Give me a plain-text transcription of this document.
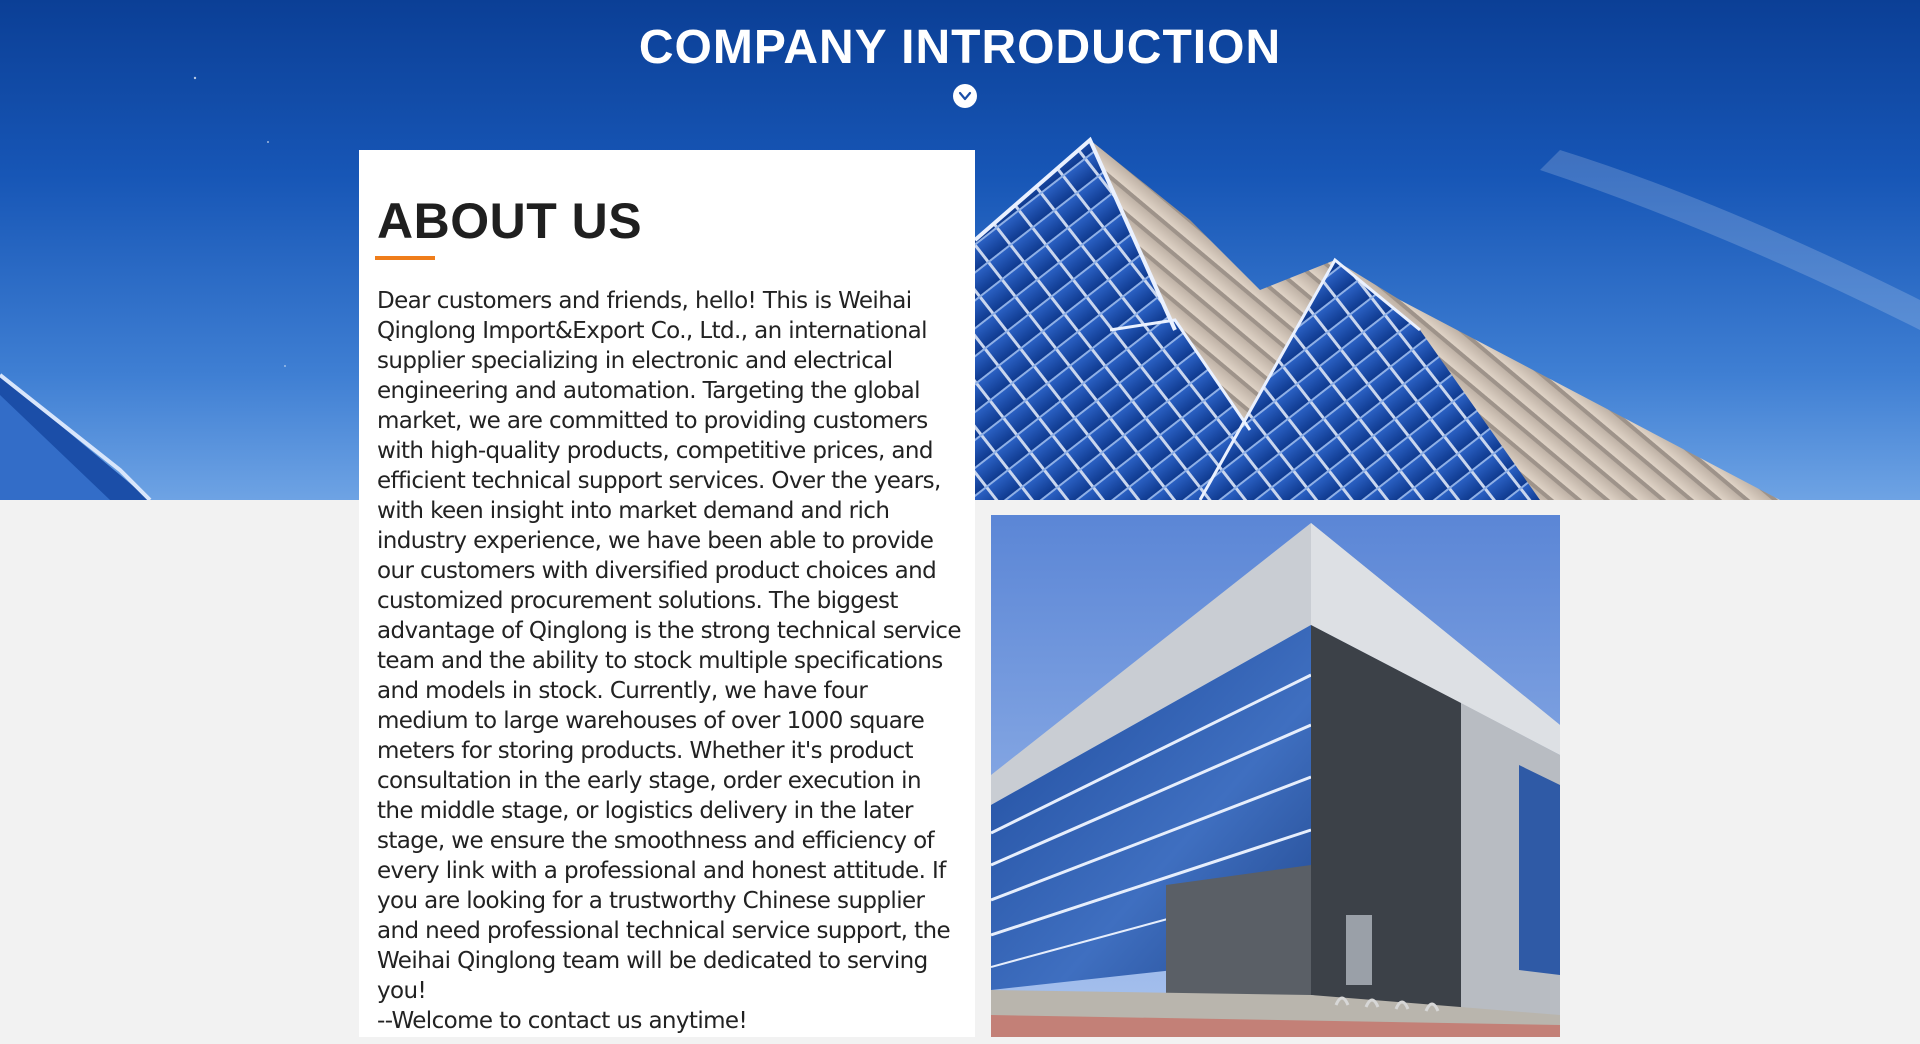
COMPANY INTRODUCTION
ABOUT US

Dear customers and friends, hello! This is Weihai Qinglong Import&Export Co., Ltd., an international supplier specializing in electronic and electrical engineering and automation. Targeting the global market, we are committed to providing customers with high-quality products, competitive prices, and efficient technical support services. Over the years, with keen insight into market demand and rich industry experience, we have been able to provide our customers with diversified product choices and customized procurement solutions. The biggest advantage of Qinglong is the strong technical service team and the ability to stock multiple specifications and models in stock. Currently, we have four medium to large warehouses of over 1000 square meters for storing products. Whether it's product consultation in the early stage, order execution in the middle stage, or logistics delivery in the later stage, we ensure the smoothness and efficiency of every link with a professional and honest attitude. If you are looking for a trustworthy Chinese supplier and need professional technical service support, the Weihai Qinglong team will be dedicated to serving you!
--Welcome to contact us anytime!
